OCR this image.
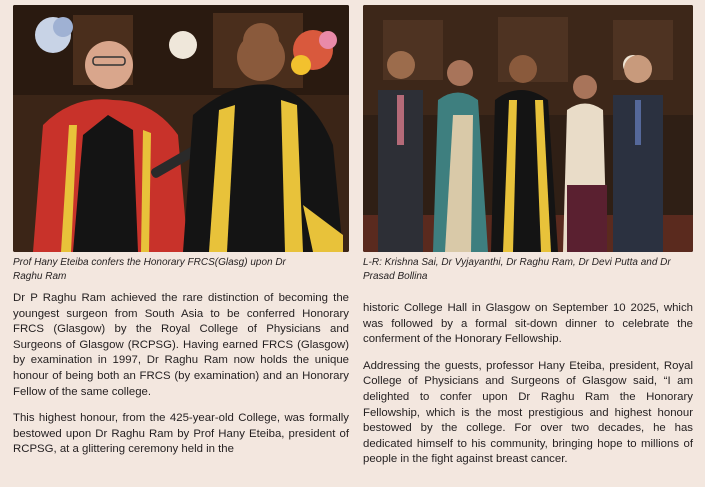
Prof Hany Eteiba confers the Honorary FRCS(Glasg) upon Dr Raghu Ram
L-R: Krishna Sai, Dr Vyjayanthi, Dr Raghu Ram, Dr Devi Putta and Dr Prasad Bollina

Dr P Raghu Ram achieved the rare distinction of becoming the youngest surgeon from South Asia to be conferred Honorary FRCS (Glasgow) by the Royal College of Physicians and Surgeons of Glasgow (RCPSG). Having earned FRCS (Glasgow) by examination in 1997, Dr Raghu Ram now holds the unique honour of being both an FRCS (by examination) and an Honorary Fellow of the same college.

This highest honour, from the 425-year-old College, was formally bestowed upon Dr Raghu Ram by Prof Hany Eteiba, president of RCPSG, at a glittering ceremony held in the

historic College Hall in Glasgow on September 10 2025, which was followed by a formal sit-down dinner to celebrate the conferment of the Honorary Fellowship.

Addressing the guests, professor Hany Eteiba, president, Royal College of Physicians and Surgeons of Glasgow said, “I am delighted to confer upon Dr Raghu Ram the Honorary Fellowship, which is the most prestigious and highest honour bestowed by the college. For over two decades, he has dedicated himself to his community, bringing hope to millions of people in the fight against breast cancer.
